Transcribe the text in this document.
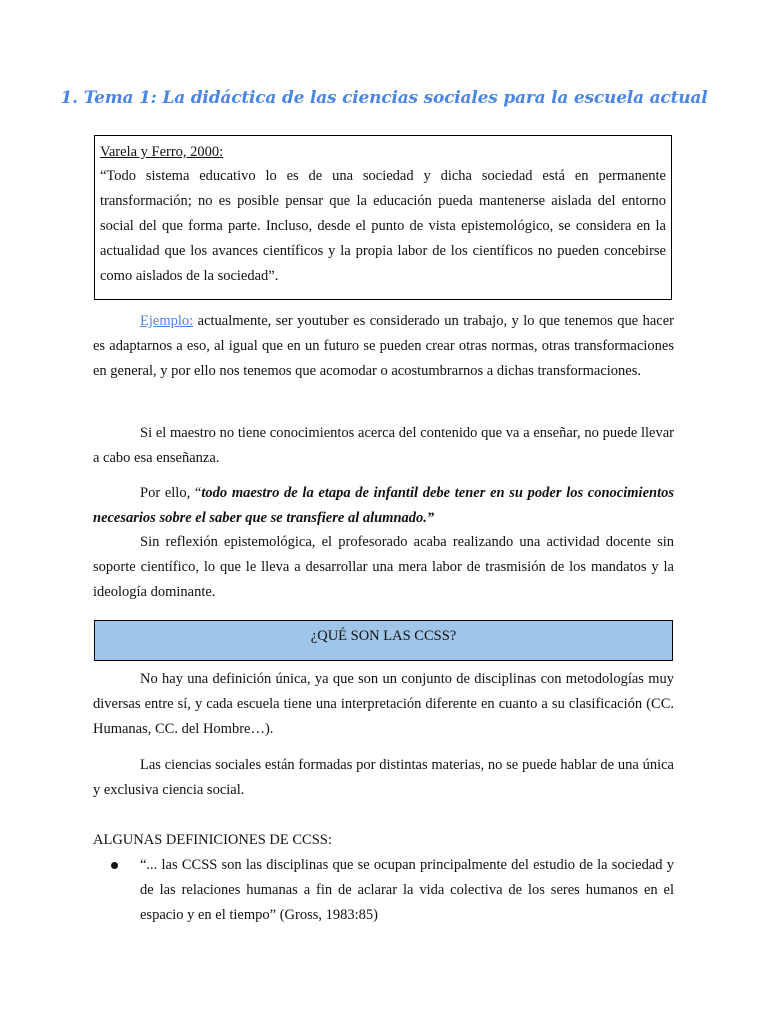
1. Tema 1: La didáctica de las ciencias sociales para la escuela actual
Varela y Ferro, 2000:
“Todo sistema educativo lo es de una sociedad y dicha sociedad está en permanente transformación; no es posible pensar que la educación pueda mantenerse aislada del entorno social del que forma parte. Incluso, desde el punto de vista epistemológico, se considera en la actualidad que los avances científicos y la propia labor de los científicos no pueden concebirse como aislados de la sociedad”.
Ejemplo: actualmente, ser youtuber es considerado un trabajo, y lo que tenemos que hacer es adaptarnos a eso, al igual que en un futuro se pueden crear otras normas, otras transformaciones en general, y por ello nos tenemos que acomodar o acostumbrarnos a dichas transformaciones.
Si el maestro no tiene conocimientos acerca del contenido que va a enseñar, no puede llevar a cabo esa enseñanza.
Por ello, “todo maestro de la etapa de infantil debe tener en su poder los conocimientos necesarios sobre el saber que se transfiere al alumnado.”
Sin reflexión epistemológica, el profesorado acaba realizando una actividad docente sin soporte científico, lo que le lleva a desarrollar una mera labor de trasmisión de los mandatos y la ideología dominante.
¿QUÉ SON LAS CCSS?
No hay una definición única, ya que son un conjunto de disciplinas con metodologías muy diversas entre sí, y cada escuela tiene una interpretación diferente en cuanto a su clasificación (CC. Humanas, CC. del Hombre…).
Las ciencias sociales están formadas por distintas materias, no se puede hablar de una única y exclusiva ciencia social.
ALGUNAS DEFINICIONES DE CCSS:
“... las CCSS son las disciplinas que se ocupan principalmente del estudio de la sociedad y de las relaciones humanas a fin de aclarar la vida colectiva de los seres humanos en el espacio y en el tiempo” (Gross, 1983:85)
